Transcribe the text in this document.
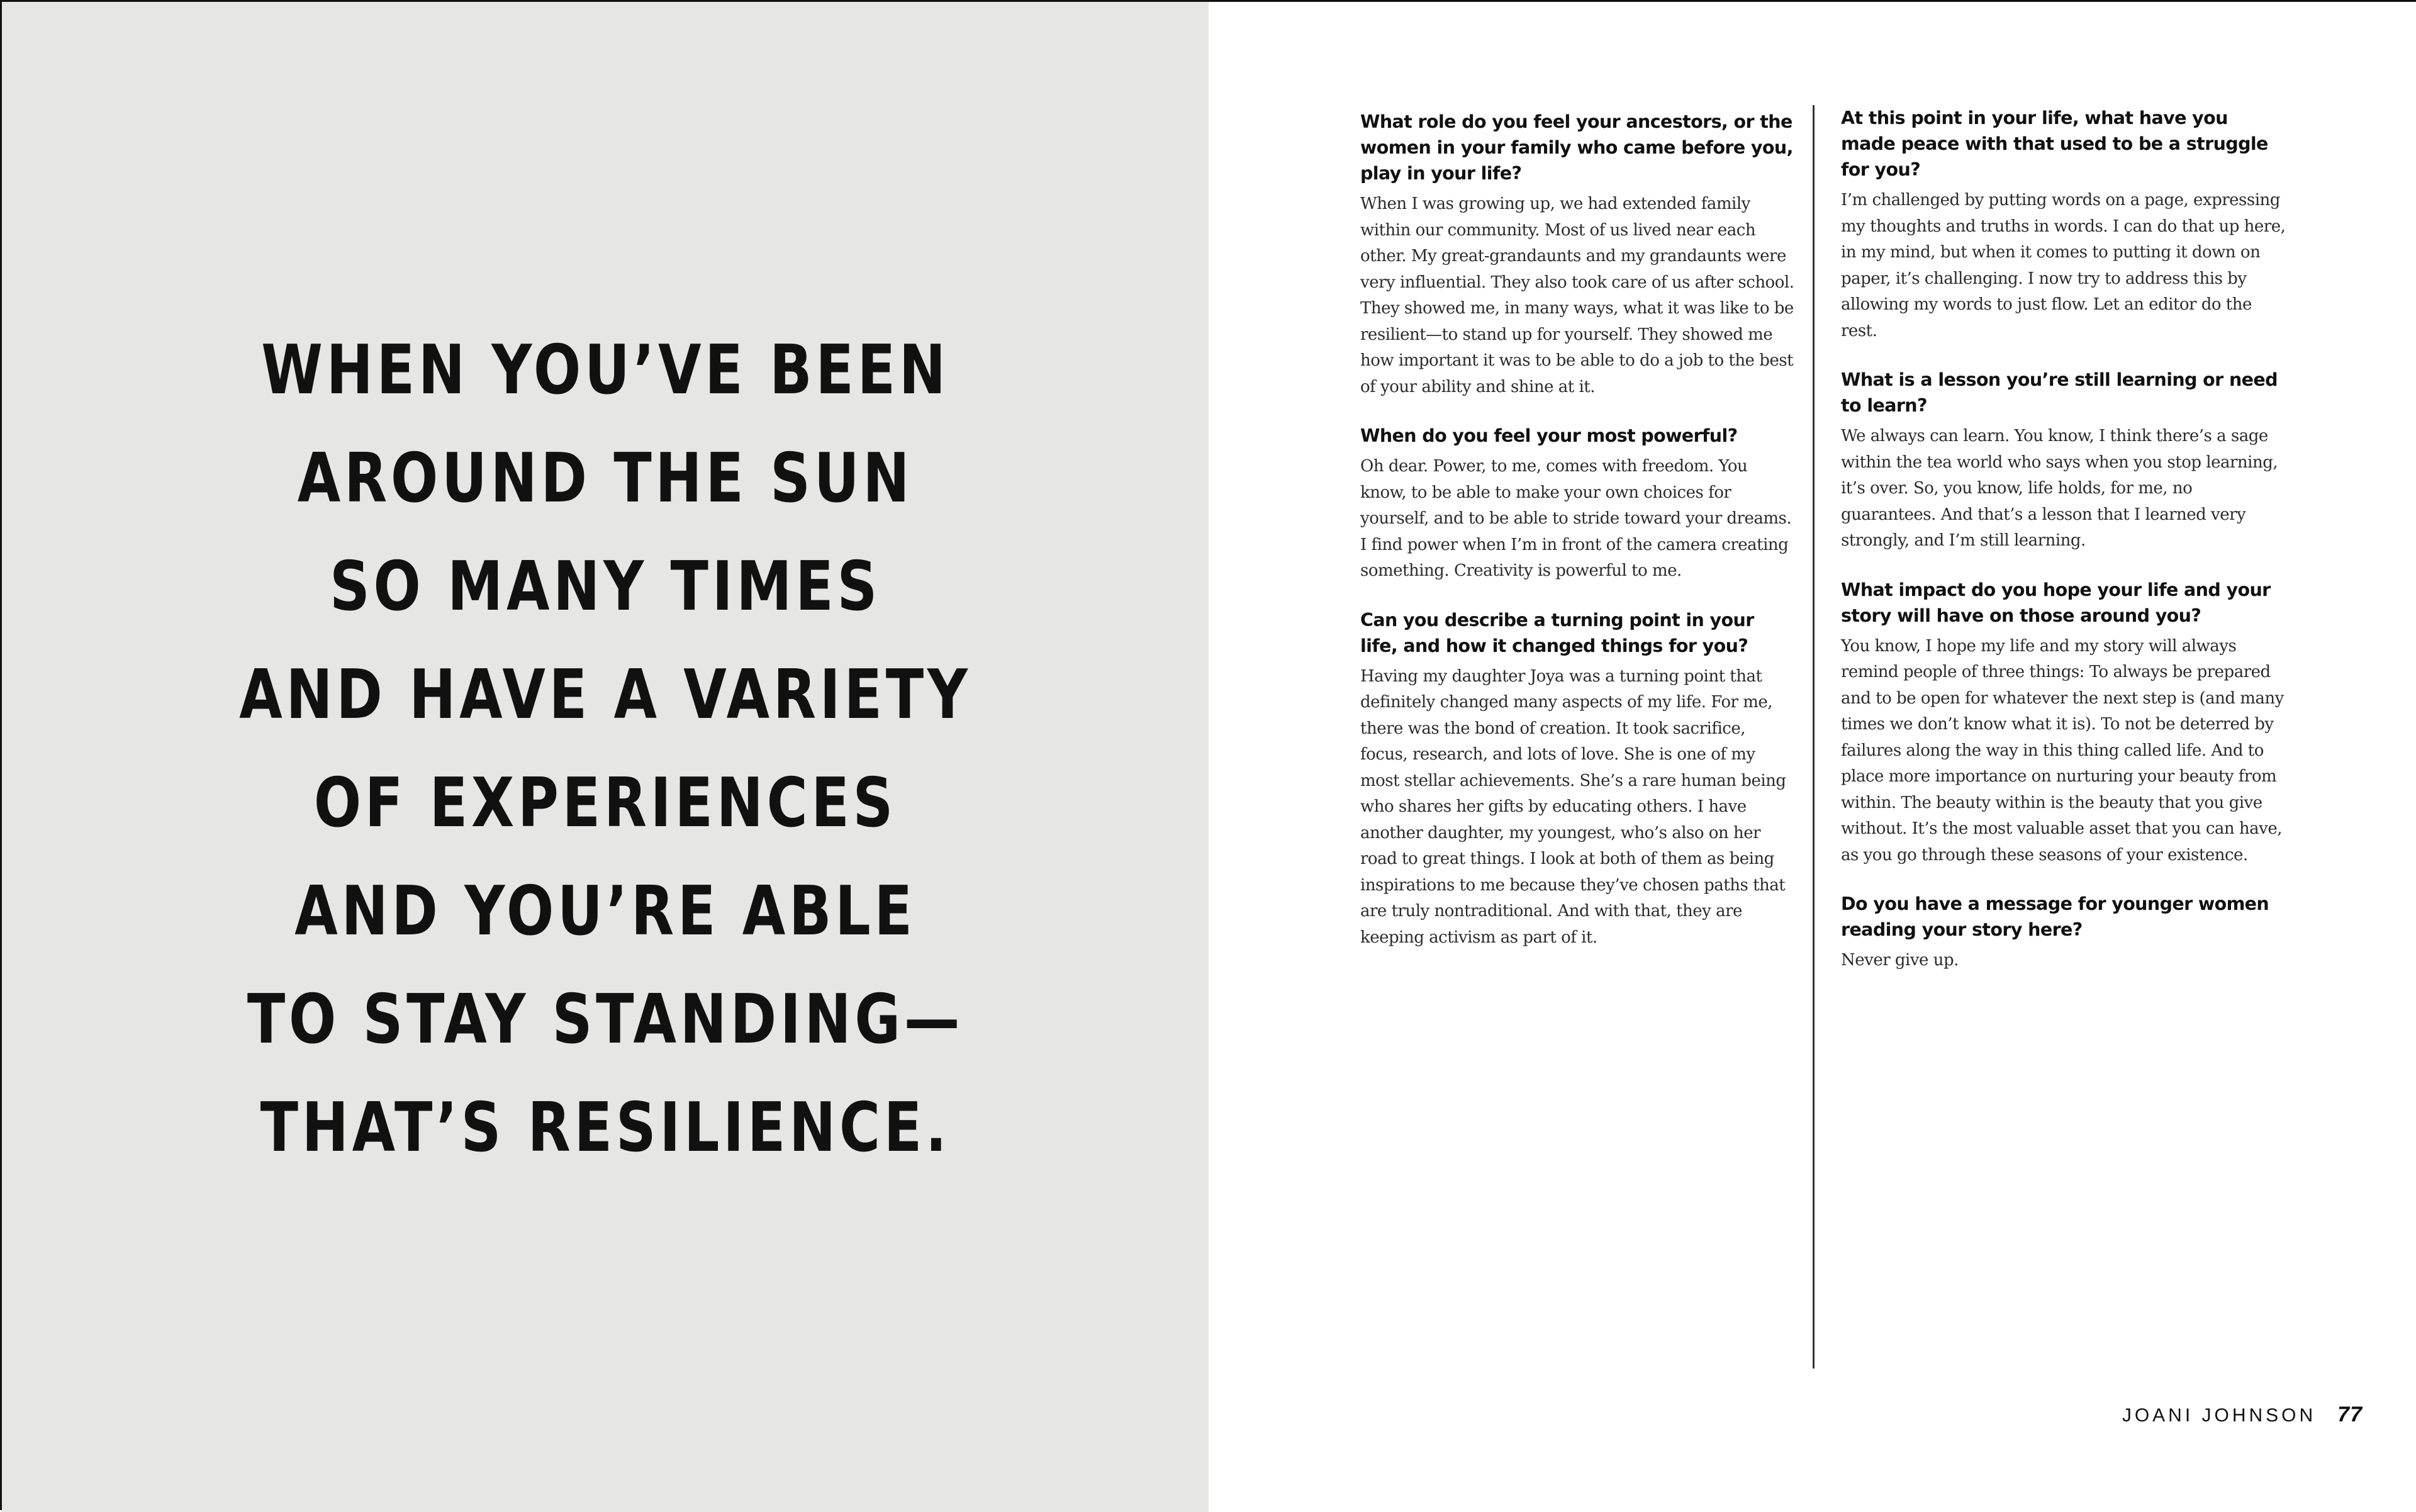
WHEN YOU’VE BEEN
AROUND THE SUN
SO MANY TIMES
AND HAVE A VARIETY
OF EXPERIENCES
AND YOU’RE ABLE
TO STAY STANDING—
THAT’S RESILIENCE.
What role do you feel your ancestors, or the women in your family who came before you, play in your life?
When I was growing up, we had extended family within our community. Most of us lived near each other. My great-grandaunts and my grandaunts were very influential. They also took care of us after school. They showed me, in many ways, what it was like to be resilient—to stand up for yourself. They showed me how important it was to be able to do a job to the best of your ability and shine at it.
When do you feel your most powerful?
Oh dear. Power, to me, comes with freedom. You know, to be able to make your own choices for yourself, and to be able to stride toward your dreams. I find power when I’m in front of the camera creating something. Creativity is powerful to me.
Can you describe a turning point in your life, and how it changed things for you?
Having my daughter Joya was a turning point that definitely changed many aspects of my life. For me, there was the bond of creation. It took sacrifice, focus, research, and lots of love. She is one of my most stellar achievements. She’s a rare human being who shares her gifts by educating others. I have another daughter, my youngest, who’s also on her road to great things. I look at both of them as being inspirations to me because they’ve chosen paths that are truly nontraditional. And with that, they are keeping activism as part of it.
At this point in your life, what have you made peace with that used to be a struggle for you?
I’m challenged by putting words on a page, expressing my thoughts and truths in words. I can do that up here, in my mind, but when it comes to putting it down on paper, it’s challenging. I now try to address this by allowing my words to just flow. Let an editor do the rest.
What is a lesson you’re still learning or need to learn?
We always can learn. You know, I think there’s a sage within the tea world who says when you stop learning, it’s over. So, you know, life holds, for me, no guarantees. And that’s a lesson that I learned very strongly, and I’m still learning.
What impact do you hope your life and your story will have on those around you?
You know, I hope my life and my story will always remind people of three things: To always be prepared and to be open for whatever the next step is (and many times we don’t know what it is). To not be deterred by failures along the way in this thing called life. And to place more importance on nurturing your beauty from within. The beauty within is the beauty that you give without. It’s the most valuable asset that you can have, as you go through these seasons of your existence.
Do you have a message for younger women reading your story here?
Never give up.
JOANI JOHNSON 77
